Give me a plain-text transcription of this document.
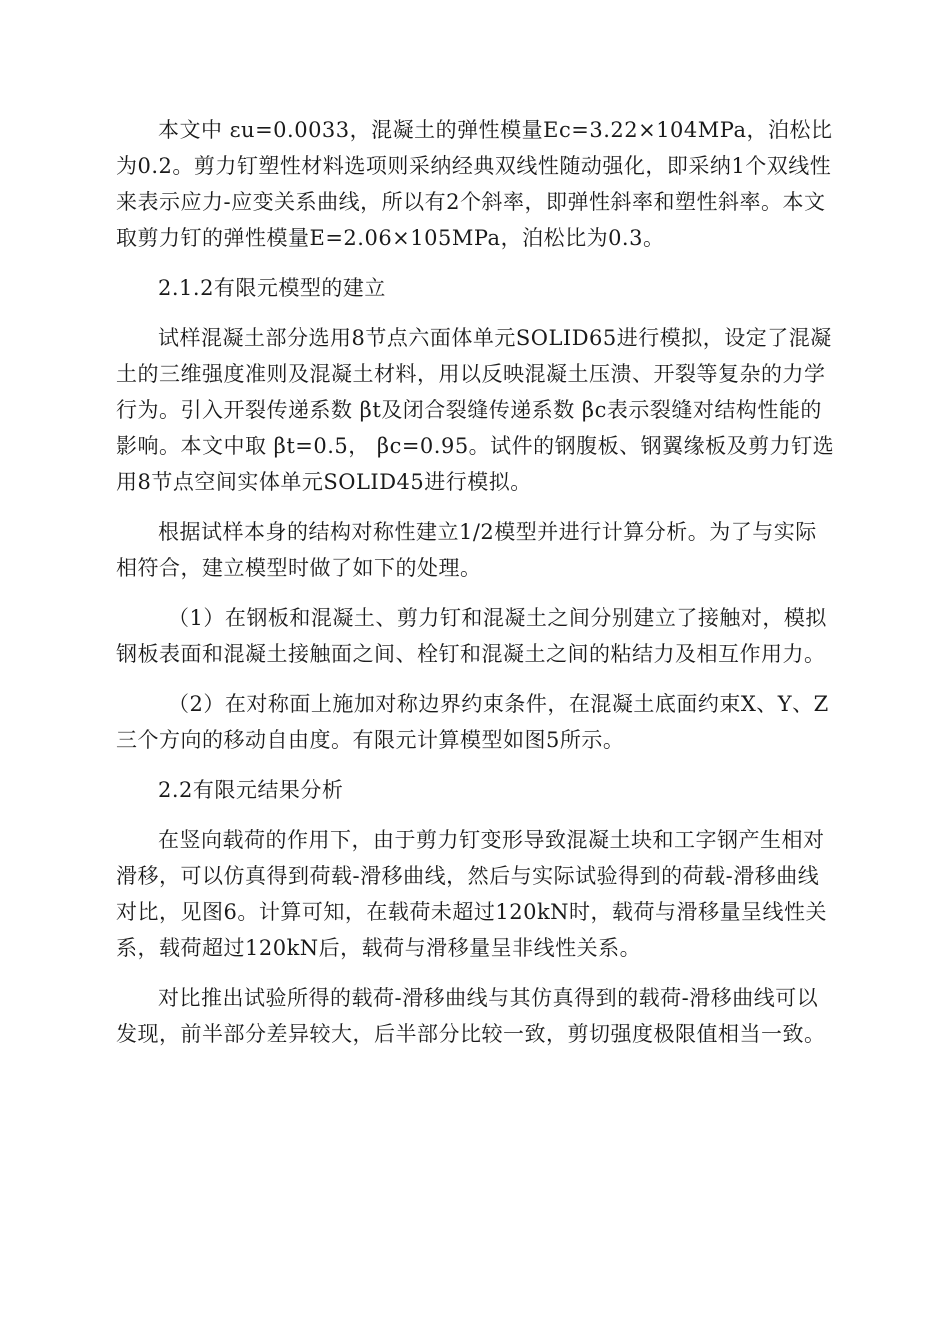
本文中 εu=0.0033，混凝土的弹性模量Ec=3.22×104MPa，泊松比为0.2。剪力钉塑性材料选项则采纳经典双线性随动强化，即采纳1个双线性来表示应力-应变关系曲线，所以有2个斜率，即弹性斜率和塑性斜率。本文取剪力钉的弹性模量E=2.06×105MPa，泊松比为0.3。

2.1.2有限元模型的建立

试样混凝土部分选用8节点六面体单元SOLID65进行模拟，设定了混凝土的三维强度准则及混凝土材料，用以反映混凝土压溃、开裂等复杂的力学行为。引入开裂传递系数 βt及闭合裂缝传递系数 βc表示裂缝对结构性能的影响。本文中取 βt=0.5， βc=0.95。试件的钢腹板、钢翼缘板及剪力钉选用8节点空间实体单元SOLID45进行模拟。

根据试样本身的结构对称性建立1/2模型并进行计算分析。为了与实际相符合，建立模型时做了如下的处理。

（1）在钢板和混凝土、剪力钉和混凝土之间分别建立了接触对，模拟钢板表面和混凝土接触面之间、栓钉和混凝土之间的粘结力及相互作用力。

（2）在对称面上施加对称边界约束条件，在混凝土底面约束X、Y、Z三个方向的移动自由度。有限元计算模型如图5所示。

2.2有限元结果分析

在竖向载荷的作用下，由于剪力钉变形导致混凝土块和工字钢产生相对滑移，可以仿真得到荷载-滑移曲线，然后与实际试验得到的荷载-滑移曲线对比，见图6。计算可知，在载荷未超过120kN时，载荷与滑移量呈线性关系，载荷超过120kN后，载荷与滑移量呈非线性关系。

对比推出试验所得的载荷-滑移曲线与其仿真得到的载荷-滑移曲线可以发现，前半部分差异较大，后半部分比较一致，剪切强度极限值相当一致。
